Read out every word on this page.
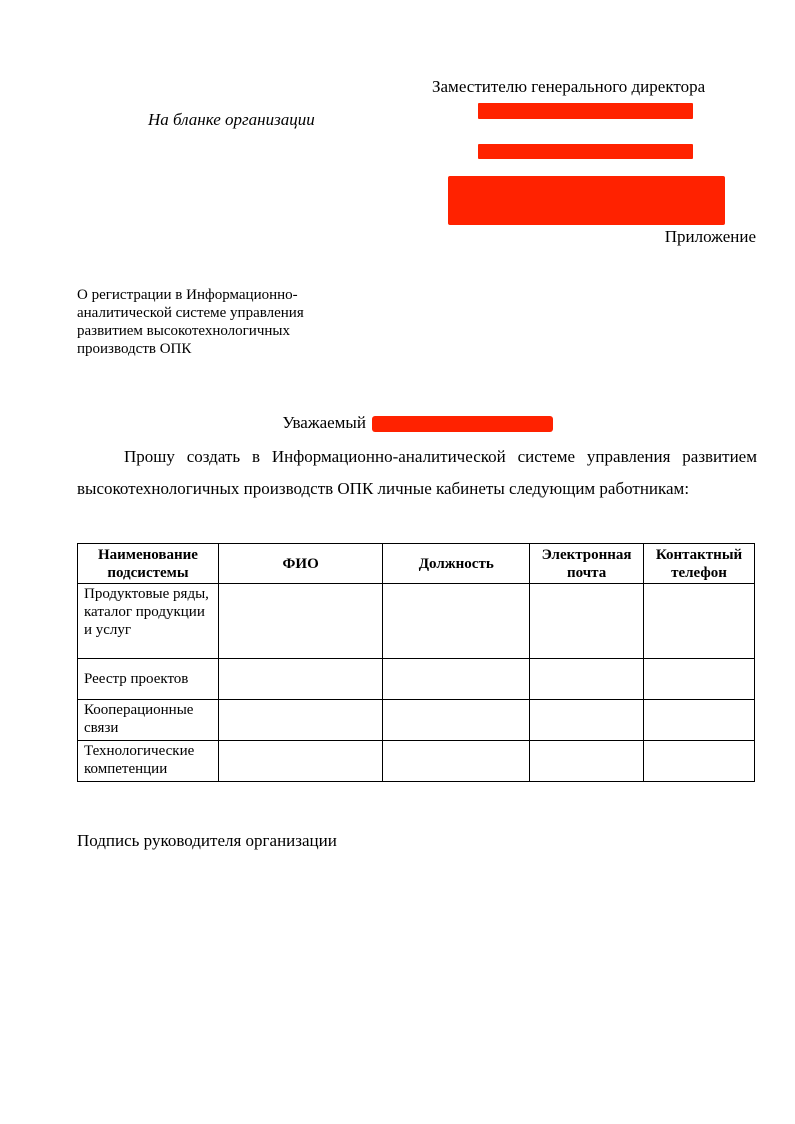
На бланке организации
Заместителю генерального директора
Приложение
О регистрации в Информационно-аналитической системе управления развитием высокотехнологичных производств ОПК
Уважаемый
Прошу создать в Информационно-аналитической системе управления развитием высокотехнологичных производств ОПК личные кабинеты следующим работникам:
Наименование подсистемы	ФИО	Должность	Электронная почта	Контактный телефон
Продуктовые ряды, каталог продукции и услуг				
Реестр проектов				
Кооперационные связи				
Технологические компетенции				
Подпись руководителя организации
